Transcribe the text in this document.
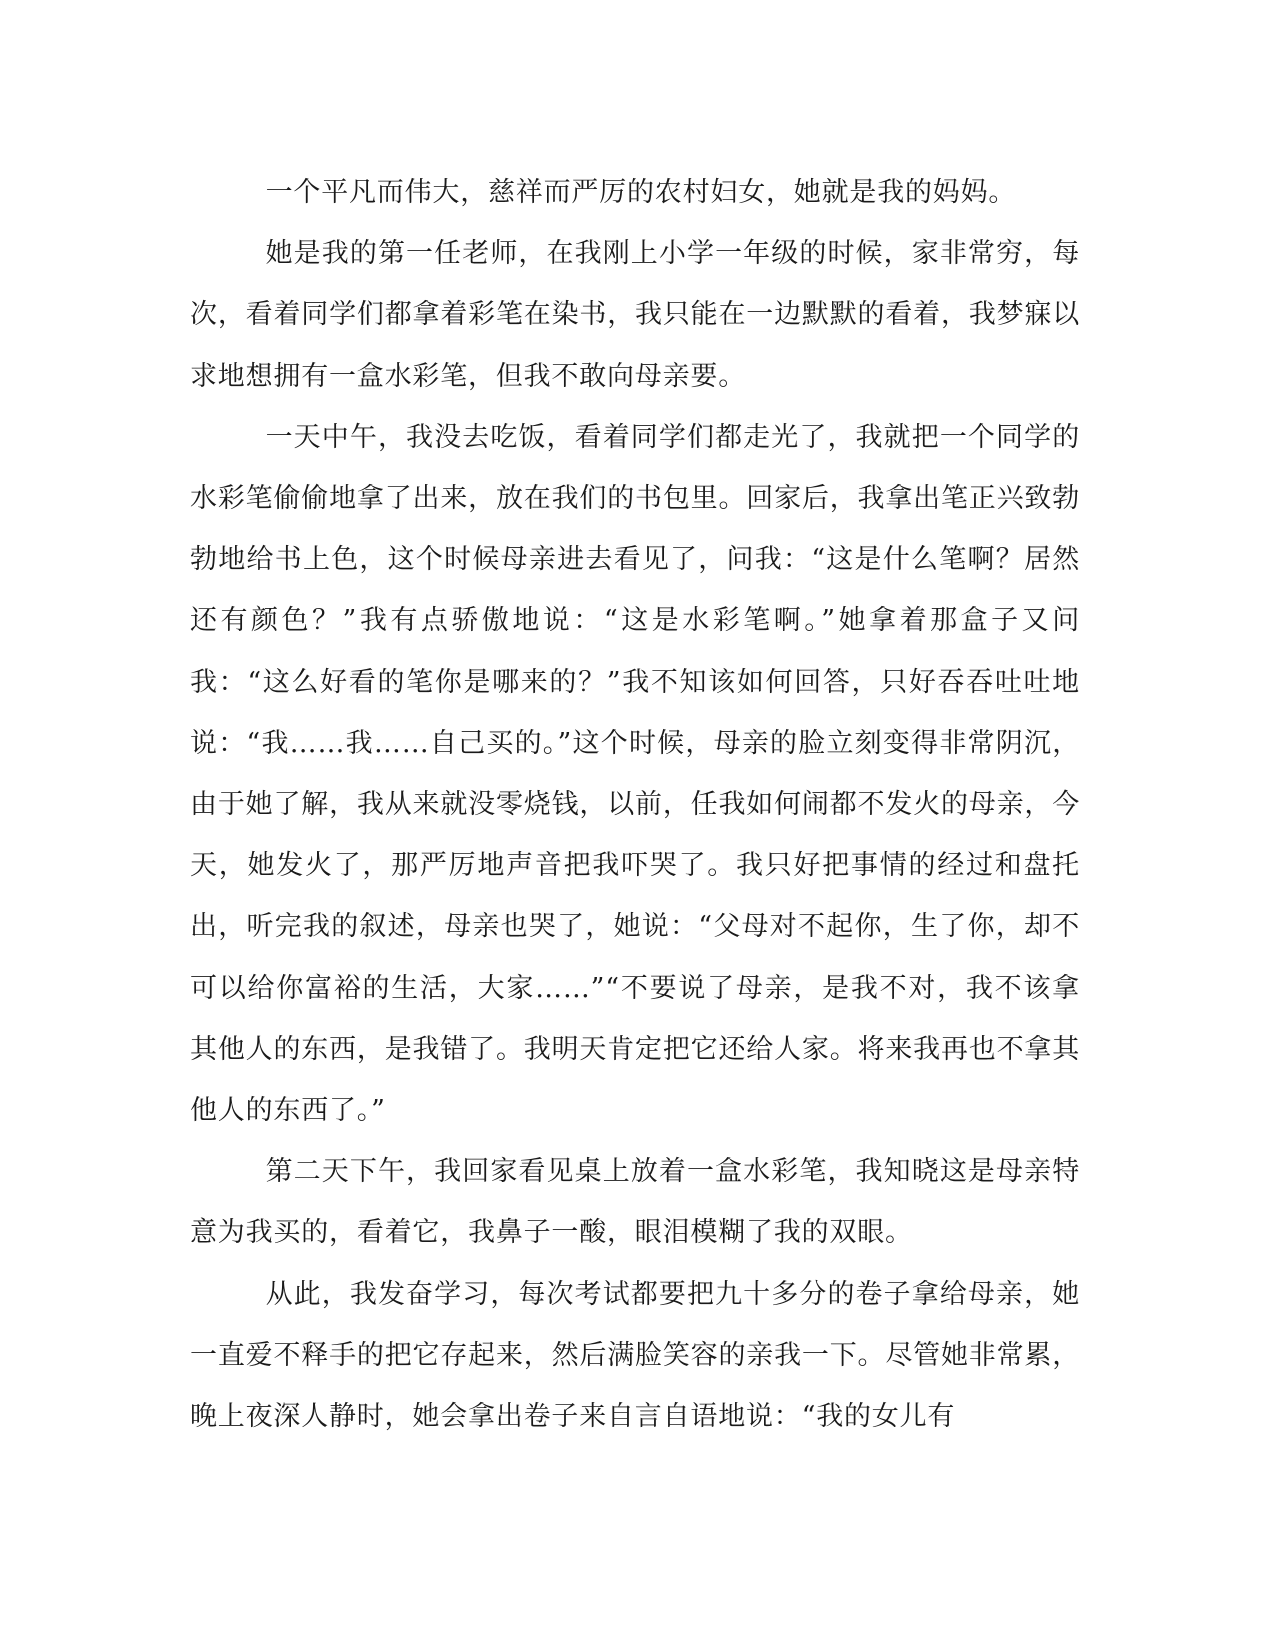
一个平凡而伟大，慈祥而严厉的农村妇女，她就是我的妈妈。

她是我的第一任老师，在我刚上小学一年级的时候，家非常穷，每次，看着同学们都拿着彩笔在染书，我只能在一边默默的看着，我梦寐以求地想拥有一盒水彩笔，但我不敢向母亲要。

一天中午，我没去吃饭，看着同学们都走光了，我就把一个同学的水彩笔偷偷地拿了出来，放在我们的书包里。回家后，我拿出笔正兴致勃勃地给书上色，这个时候母亲进去看见了，问我：“这是什么笔啊？居然还有颜色？”我有点骄傲地说：“这是水彩笔啊。”她拿着那盒子又问我：“这么好看的笔你是哪来的？”我不知该如何回答，只好吞吞吐吐地说：“我……我……自己买的。”这个时候，母亲的脸立刻变得非常阴沉，由于她了解，我从来就没零烧钱，以前，任我如何闹都不发火的母亲，今天，她发火了，那严厉地声音把我吓哭了。我只好把事情的经过和盘托出，听完我的叙述，母亲也哭了，她说：“父母对不起你，生了你，却不可以给你富裕的生活，大家……”“不要说了母亲，是我不对，我不该拿其他人的东西，是我错了。我明天肯定把它还给人家。将来我再也不拿其他人的东西了。”

第二天下午，我回家看见桌上放着一盒水彩笔，我知晓这是母亲特意为我买的，看着它，我鼻子一酸，眼泪模糊了我的双眼。

从此，我发奋学习，每次考试都要把九十多分的卷子拿给母亲，她一直爱不释手的把它存起来，然后满脸笑容的亲我一下。尽管她非常累，晚上夜深人静时，她会拿出卷子来自言自语地说：“我的女儿有
